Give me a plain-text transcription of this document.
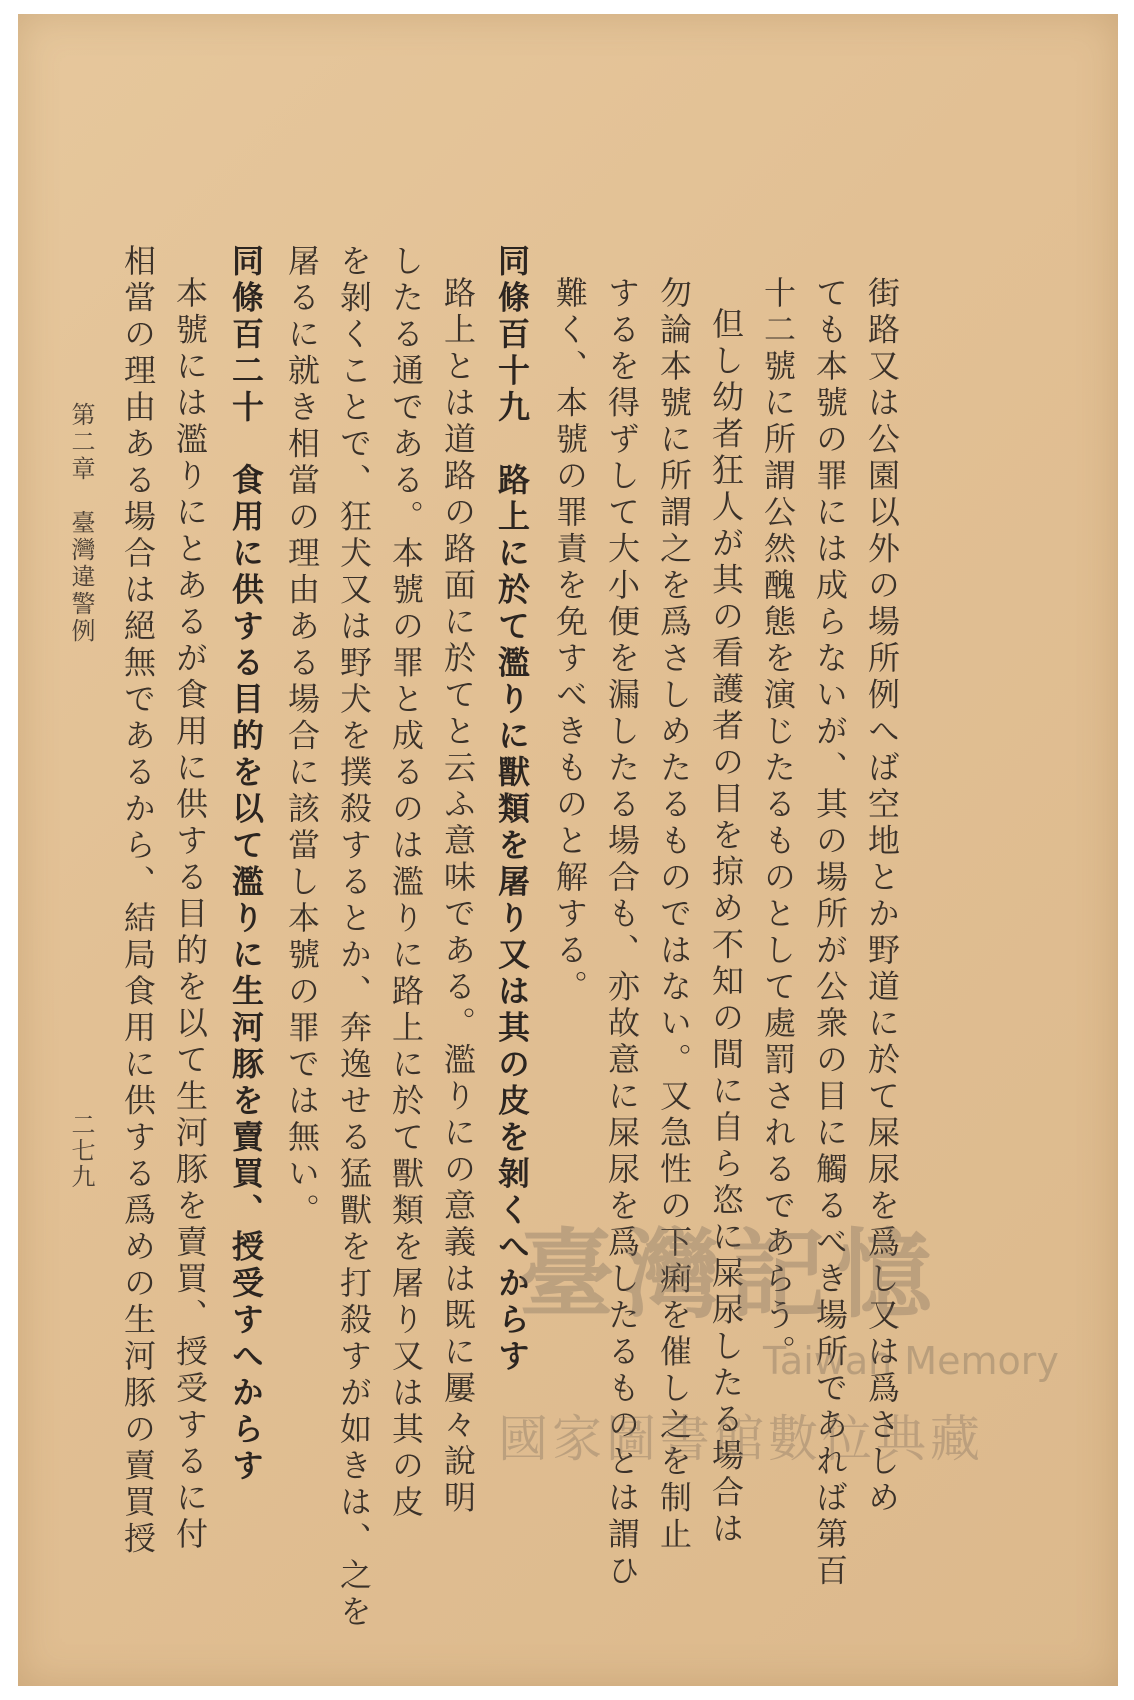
街路又は公園以外の場所例へば空地とか野道に於て屎尿を爲し又は爲さしめ
ても本號の罪には成らないが、其の場所が公衆の目に觸るべき場所であれば第百
十二號に所謂公然醜態を演じたるものとして處罰されるであらう。
但し幼者狂人が其の看護者の目を掠め不知の間に自ら恣に屎尿したる場合は
勿論本號に所謂之を爲さしめたるものではない。又急性の下痢を催し之を制止
するを得ずして大小便を漏したる場合も、亦故意に屎尿を爲したるものとは謂ひ
難く、本號の罪責を免すべきものと解する。
同條百十九　路上に於て濫りに獸類を屠り又は其の皮を剝くへからす
路上とは道路の路面に於てと云ふ意味である。濫りにの意義は既に屢々說明
したる通である。本號の罪と成るのは濫りに路上に於て獸類を屠り又は其の皮
を剝くことで、狂犬又は野犬を撲殺するとか、奔逸せる猛獸を打殺すが如きは、之を
屠るに就き相當の理由ある場合に該當し本號の罪では無い。
同條百二十　食用に供する目的を以て濫りに生河豚を賣買、授受すへからす
本號には濫りにとあるが食用に供する目的を以て生河豚を賣買、授受するに付
相當の理由ある場合は絕無であるから、結局食用に供する爲めの生河豚の賣買授
第二章　臺灣違警例
二七九
臺灣記憶
Taiwan Memory
國家圖書館數位典藏
